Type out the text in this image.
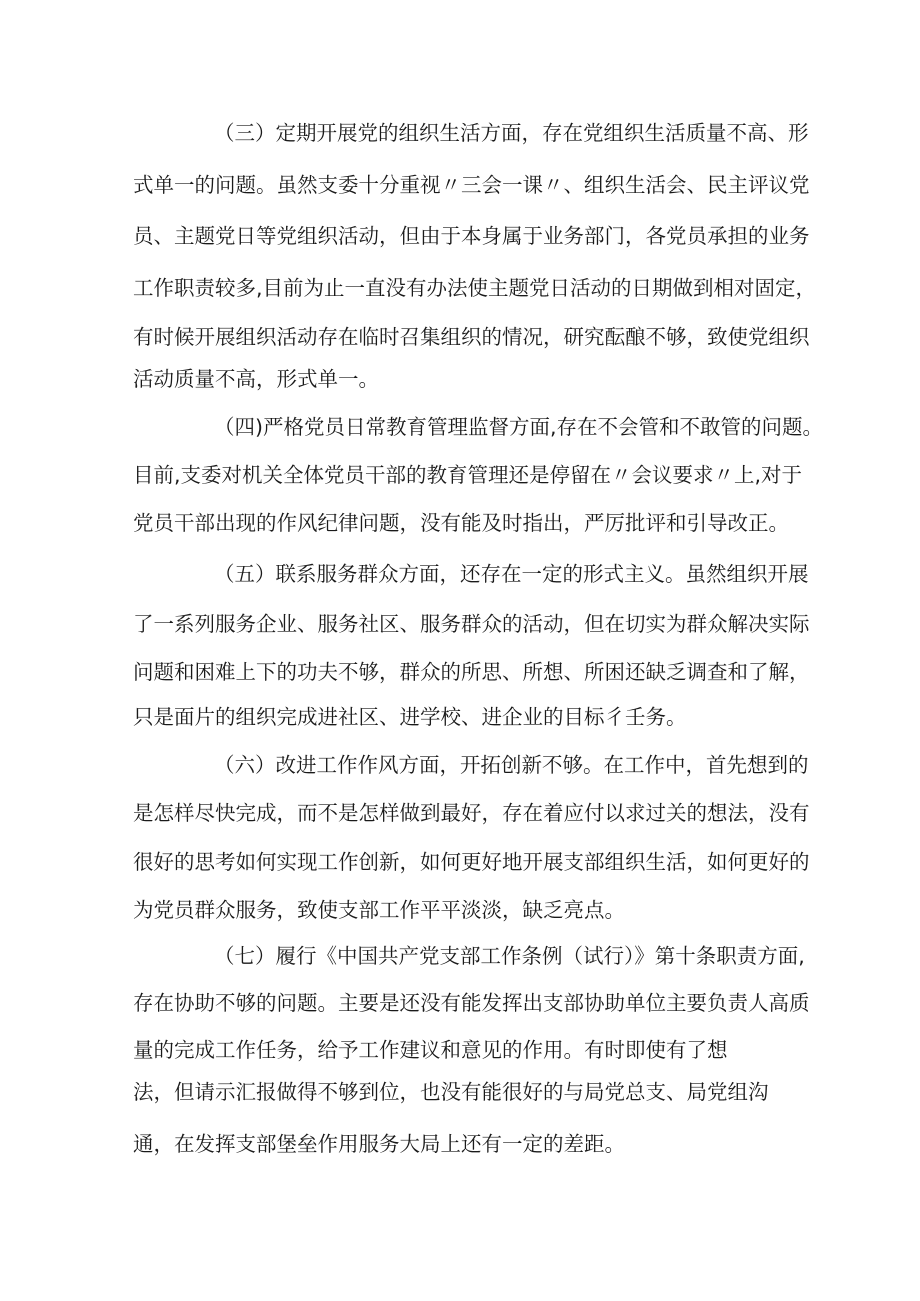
（三）定期开展党的组织生活方面，存在党组织生活质量不高、形
式单一的问题。虽然支委十分重视〃三会一课〃、组织生活会、民主评议党
员、主题党日等党组织活动，但由于本身属于业务部门，各党员承担的业务
工作职责较多,目前为止一直没有办法使主题党日活动的日期做到相对固定，
有时候开展组织活动存在临时召集组织的情况，研究酝酿不够，致使党组织
活动质量不高，形式单一。
（四)严格党员日常教育管理监督方面,存在不会管和不敢管的问题。
目前,支委对机关全体党员干部的教育管理还是停留在〃会议要求〃上,对于
党员干部出现的作风纪律问题，没有能及时指出，严厉批评和引导改正。
（五）联系服务群众方面，还存在一定的形式主义。虽然组织开展
了一系列服务企业、服务社区、服务群众的活动，但在切实为群众解决实际
问题和困难上下的功夫不够，群众的所思、所想、所困还缺乏调查和了解，
只是面片的组织完成进社区、进学校、进企业的目标彳壬务。
（六）改进工作作风方面，开拓创新不够。在工作中，首先想到的
是怎样尽快完成，而不是怎样做到最好，存在着应付以求过关的想法，没有
很好的思考如何实现工作创新，如何更好地开展支部组织生活，如何更好的
为党员群众服务，致使支部工作平平淡淡，缺乏亮点。
（七）履行《中国共产党支部工作条例（试行）》第十条职责方面,
存在协助不够的问题。主要是还没有能发挥出支部协助单位主要负责人高质
量的完成工作任务，给予工作建议和意见的作用。有时即使有了想
法，但请示汇报做得不够到位，也没有能很好的与局党总支、局党组沟
通，在发挥支部堡垒作用服务大局上还有一定的差距。
